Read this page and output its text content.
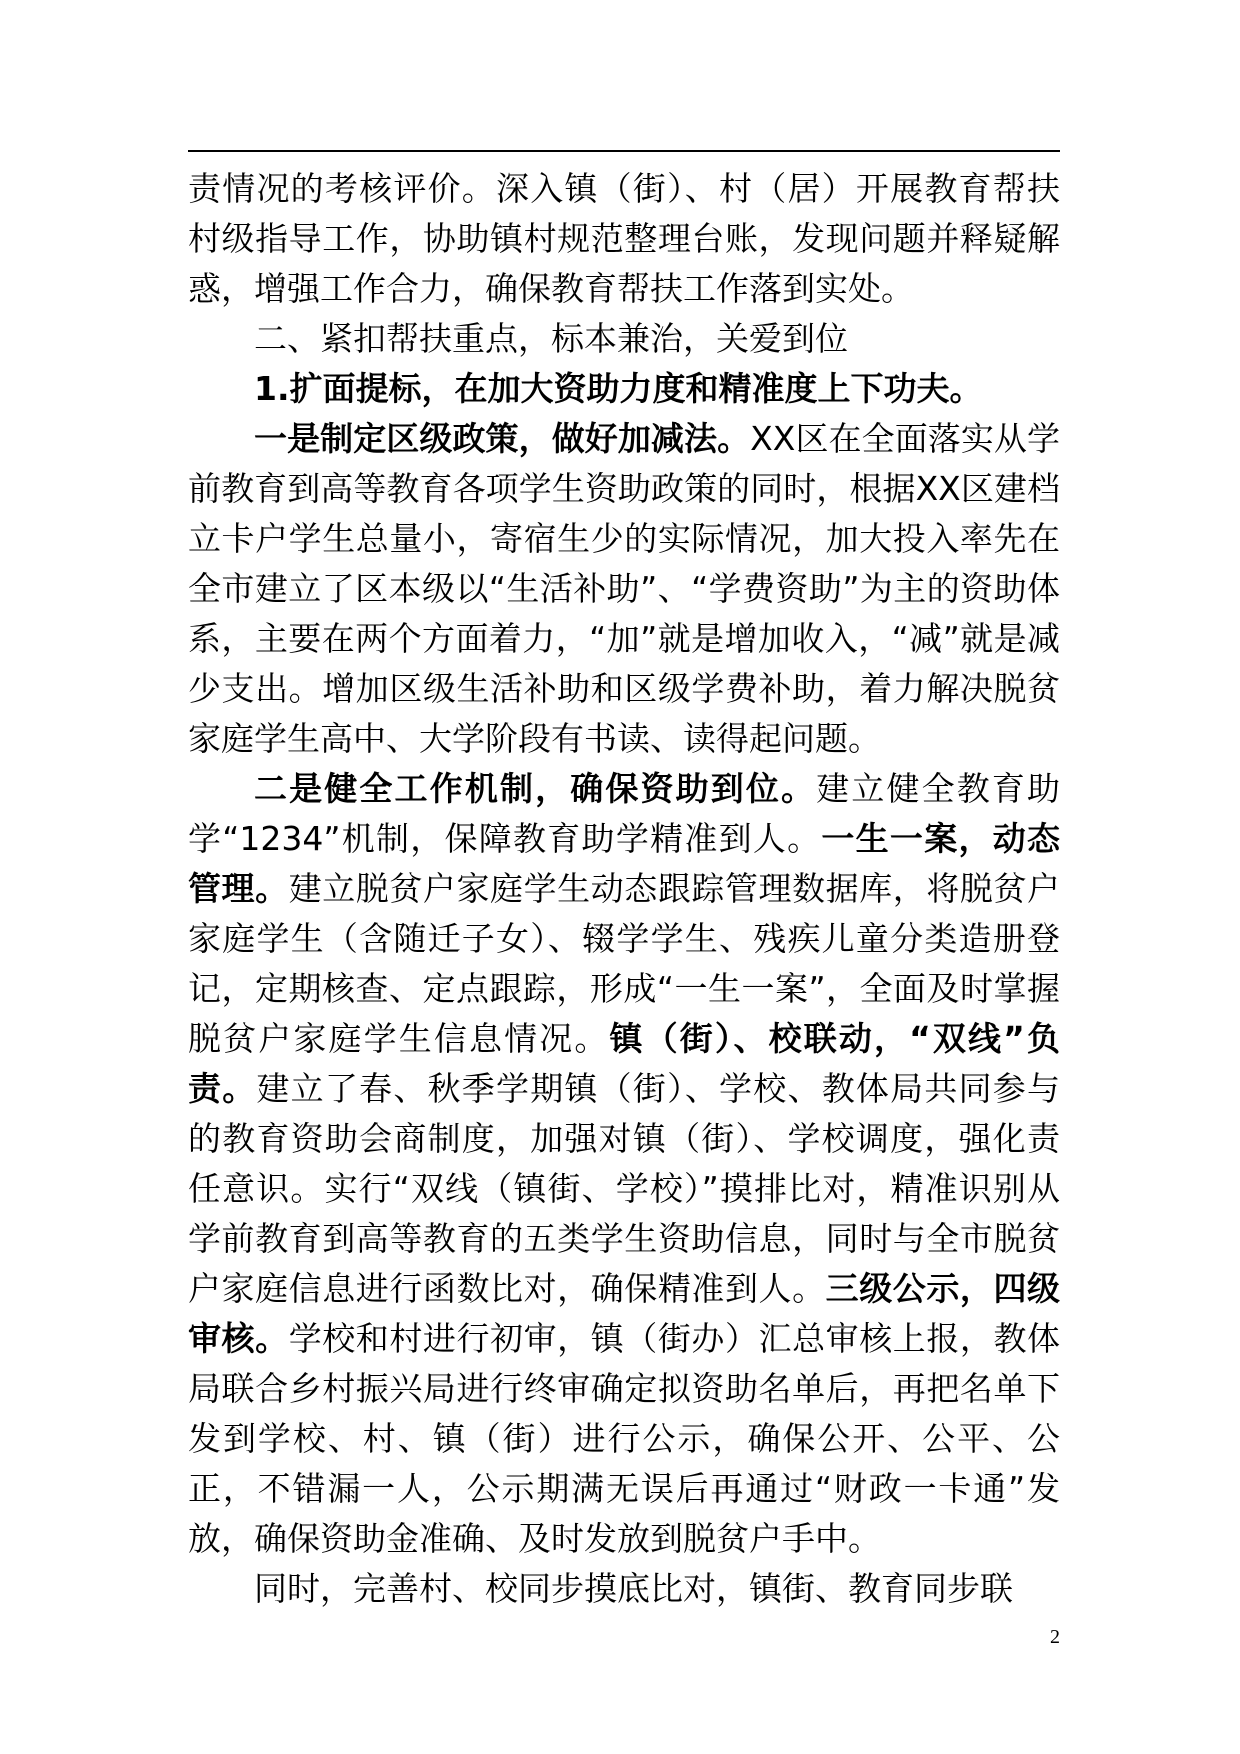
责情况的考核评价。深入镇（街）、村（居）开展教育帮扶村级指导工作，协助镇村规范整理台账，发现问题并释疑解惑，增强工作合力，确保教育帮扶工作落到实处。

二、紧扣帮扶重点，标本兼治，关爱到位

1.扩面提标，在加大资助力度和精准度上下功夫。

一是制定区级政策，做好加减法。XX区在全面落实从学前教育到高等教育各项学生资助政策的同时，根据XX区建档立卡户学生总量小，寄宿生少的实际情况，加大投入率先在全市建立了区本级以“生活补助”、“学费资助”为主的资助体系，主要在两个方面着力，“加”就是增加收入，“减”就是减少支出。增加区级生活补助和区级学费补助，着力解决脱贫家庭学生高中、大学阶段有书读、读得起问题。

二是健全工作机制，确保资助到位。建立健全教育助学“1234”机制，保障教育助学精准到人。一生一案，动态管理。建立脱贫户家庭学生动态跟踪管理数据库，将脱贫户家庭学生（含随迁子女）、辍学学生、残疾儿童分类造册登记，定期核查、定点跟踪，形成“一生一案”，全面及时掌握脱贫户家庭学生信息情况。镇（街）、校联动，“双线”负责。建立了春、秋季学期镇（街）、学校、教体局共同参与的教育资助会商制度，加强对镇（街）、学校调度，强化责任意识。实行“双线（镇街、学校）”摸排比对，精准识别从学前教育到高等教育的五类学生资助信息，同时与全市脱贫户家庭信息进行函数比对，确保精准到人。三级公示，四级审核。学校和村进行初审，镇（街办）汇总审核上报，教体局联合乡村振兴局进行终审确定拟资助名单后，再把名单下发到学校、村、镇（街）进行公示，确保公开、公平、公正，不错漏一人，公示期满无误后再通过“财政一卡通”发放，确保资助金准确、及时发放到脱贫户手中。

同时，完善村、校同步摸底比对，镇街、教育同步联

2
